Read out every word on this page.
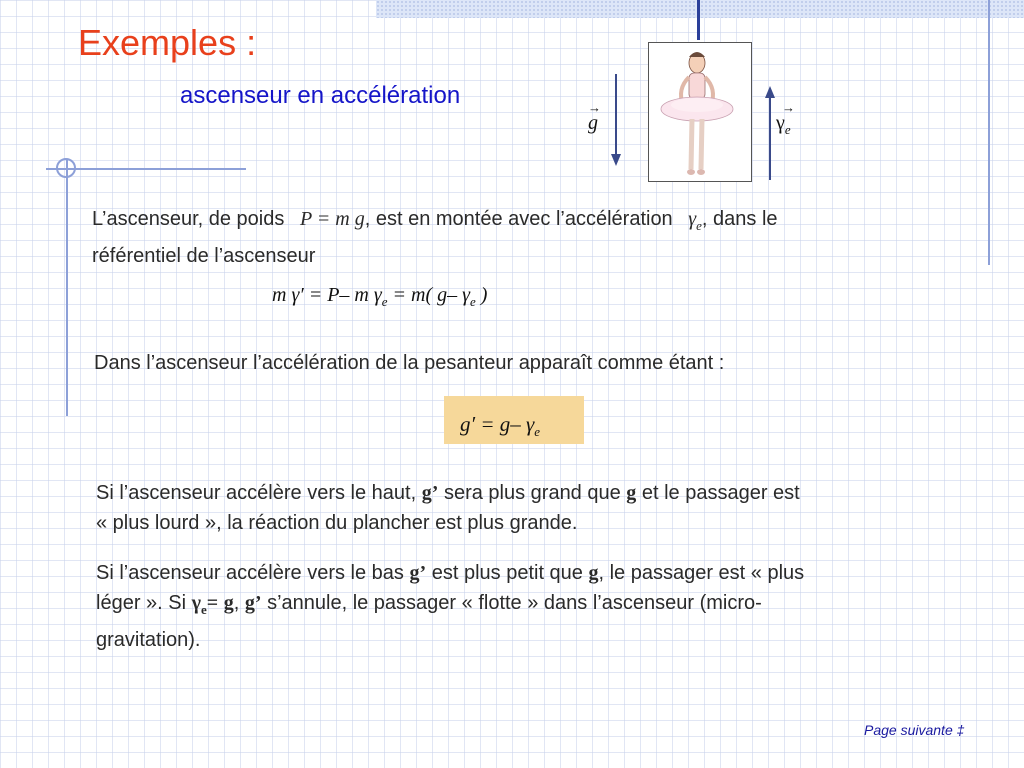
Exemples :
ascenseur en accélération	→
g
→
$\gamma_e$
L’ascenseur, de poids P = m g, est en montée avec l’accélération $\gamma_e$, dans le
référentiel de l’ascenseur
m γ′ = P– m $\gamma_e = m$( g– $\gamma_e$ )
Dans l’ascenseur l’accélération de la pesanteur apparaît comme étant :
g′ = g– $\gamma_e$
Si l’ascenseur accélère vers le haut, g’ sera plus grand que g et le passager est
« plus lourd », la réaction du plancher est plus grande.
Si l’ascenseur accélère vers le bas g’ est plus petit que g, le passager est « plus
léger ». Si $\gamma_e= g$, g’ s’annule, le passager « flotte » dans l’ascenseur (micro-
gravitation).
Page suivante ‡
